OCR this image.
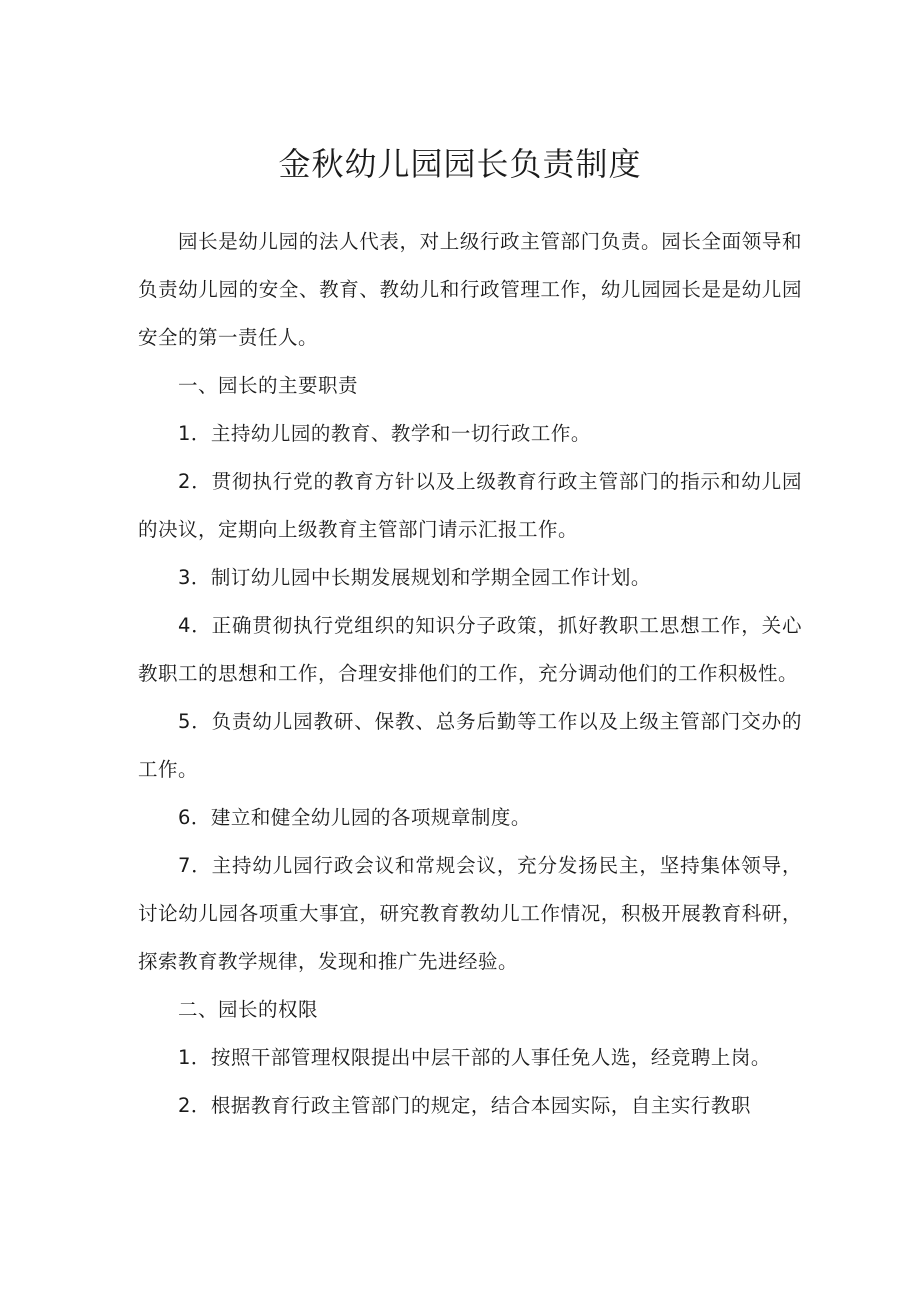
金秋幼儿园园长负责制度

园长是幼儿园的法人代表，对上级行政主管部门负责。园长全面领导和负责幼儿园的安全、教育、教幼儿和行政管理工作，幼儿园园长是是幼儿园安全的第一责任人。

一、园长的主要职责

1．主持幼儿园的教育、教学和一切行政工作。

2．贯彻执行党的教育方针以及上级教育行政主管部门的指示和幼儿园的决议，定期向上级教育主管部门请示汇报工作。

3．制订幼儿园中长期发展规划和学期全园工作计划。

4．正确贯彻执行党组织的知识分子政策，抓好教职工思想工作，关心教职工的思想和工作，合理安排他们的工作，充分调动他们的工作积极性。

5．负责幼儿园教研、保教、总务后勤等工作以及上级主管部门交办的工作。

6．建立和健全幼儿园的各项规章制度。

7．主持幼儿园行政会议和常规会议，充分发扬民主，坚持集体领导，讨论幼儿园各项重大事宜，研究教育教幼儿工作情况，积极开展教育科研，探索教育教学规律，发现和推广先进经验。

二、园长的权限

1．按照干部管理权限提出中层干部的人事任免人选，经竞聘上岗。

2．根据教育行政主管部门的规定，结合本园实际，自主实行教职
